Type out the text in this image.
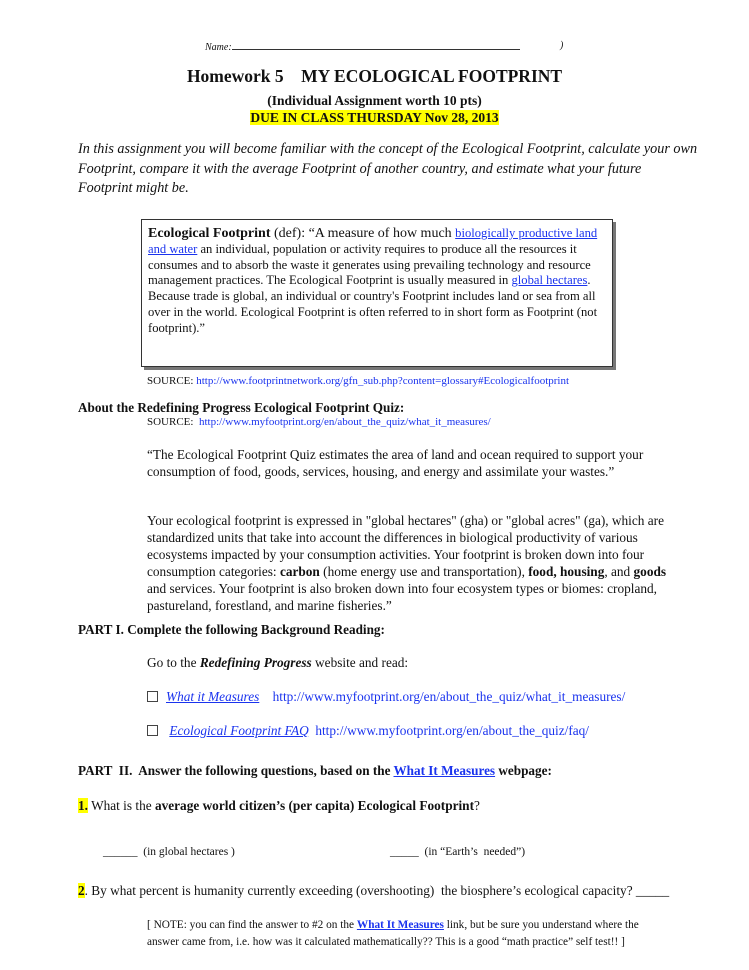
Name:	)
Homework 5    MY ECOLOGICAL FOOTPRINT
(Individual Assignment worth 10 pts)
DUE IN CLASS THURSDAY Nov 28, 2013
In this assignment you will become familiar with the concept of the Ecological Footprint, calculate your own Footprint, compare it with the average Footprint of another country, and estimate what your future Footprint might be.
Ecological Footprint (def): “A measure of how much biologically productive land and water an individual, population or activity requires to produce all the resources it consumes and to absorb the waste it generates using prevailing technology and resource management practices. The Ecological Footprint is usually measured in global hectares. Because trade is global, an individual or country's Footprint includes land or sea from all over in the world. Ecological Footprint is often referred to in short form as Footprint (not footprint).”
SOURCE: http://www.footprintnetwork.org/gfn_sub.php?content=glossary#Ecologicalfootprint
About the Redefining Progress Ecological Footprint Quiz:
SOURCE:  http://www.myfootprint.org/en/about_the_quiz/what_it_measures/
“The Ecological Footprint Quiz estimates the area of land and ocean required to support your consumption of food, goods, services, housing, and energy and assimilate your wastes.”
Your ecological footprint is expressed in "global hectares" (gha) or "global acres" (ga), which are standardized units that take into account the differences in biological productivity of various ecosystems impacted by your consumption activities. Your footprint is broken down into four consumption categories: carbon (home energy use and transportation), food, housing, and goods and services. Your footprint is also broken down into four ecosystem types or biomes: cropland, pastureland, forestland, and marine fisheries.”
PART I. Complete the following Background Reading:
Go to the Redefining Progress website and read:
What it Measures http://www.myfootprint.org/en/about_the_quiz/what_it_measures/
Ecological Footprint FAQ http://www.myfootprint.org/en/about_the_quiz/faq/
PART  II.  Answer the following questions, based on the What It Measures webpage:
1. What is the average world citizen’s (per capita) Ecological Footprint?
______  (in global hectares )	_____  (in “Earth’s  needed”)
2. By what percent is humanity currently exceeding (overshooting)  the biosphere’s ecological capacity? _____
[ NOTE: you can find the answer to #2 on the What It Measures link, but be sure you understand where the answer came from, i.e. how was it calculated mathematically?? This is a good “math practice” self test!! ]
